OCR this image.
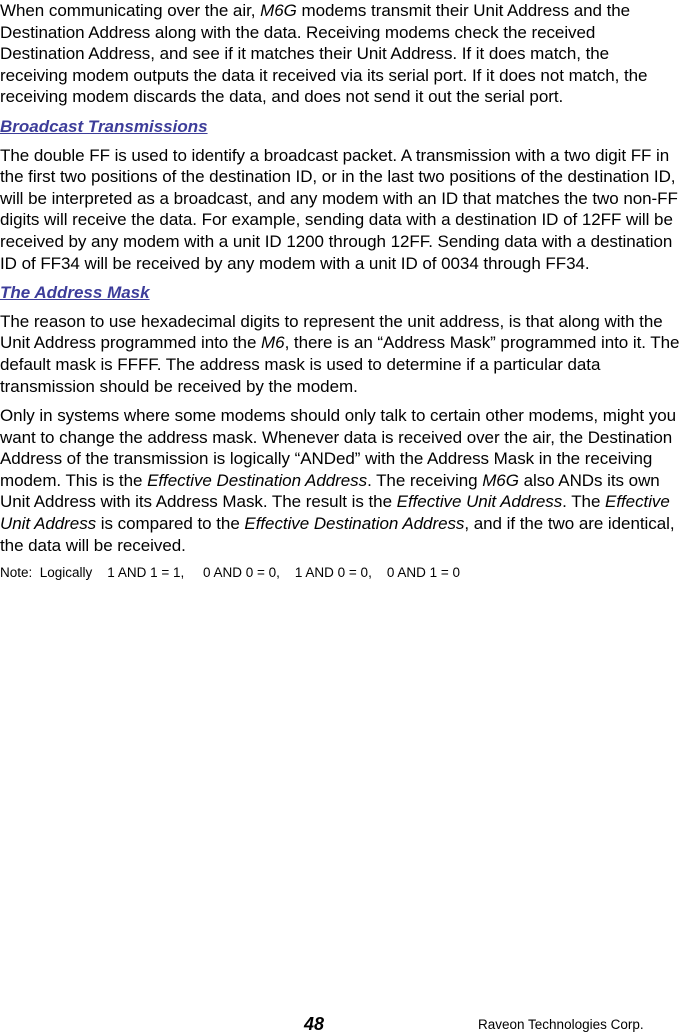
When communicating over the air, M6G modems transmit their Unit Address and the Destination Address along with the data. Receiving modems check the received Destination Address, and see if it matches their Unit Address. If it does match, the receiving modem outputs the data it received via its serial port. If it does not match, the receiving modem discards the data, and does not send it out the serial port.

Broadcast Transmissions

The double FF is used to identify a broadcast packet. A transmission with a two digit FF in the first two positions of the destination ID, or in the last two positions of the destination ID, will be interpreted as a broadcast, and any modem with an ID that matches the two non-FF digits will receive the data. For example, sending data with a destination ID of 12FF will be received by any modem with a unit ID 1200 through 12FF. Sending data with a destination ID of FF34 will be received by any modem with a unit ID of 0034 through FF34.

The Address Mask

The reason to use hexadecimal digits to represent the unit address, is that along with the Unit Address programmed into the M6, there is an “Address Mask” programmed into it. The default mask is FFFF. The address mask is used to determine if a particular data transmission should be received by the modem.

Only in systems where some modems should only talk to certain other modems, might you want to change the address mask. Whenever data is received over the air, the Destination Address of the transmission is logically “ANDed” with the Address Mask in the receiving modem. This is the Effective Destination Address. The receiving M6G also ANDs its own Unit Address with its Address Mask. The result is the Effective Unit Address. The Effective Unit Address is compared to the Effective Destination Address, and if the two are identical, the data will be received.

Note:  Logically    1 AND 1 = 1,     0 AND 0 = 0,    1 AND 0 = 0,    0 AND 1 = 0

48	Raveon Technologies Corp.
